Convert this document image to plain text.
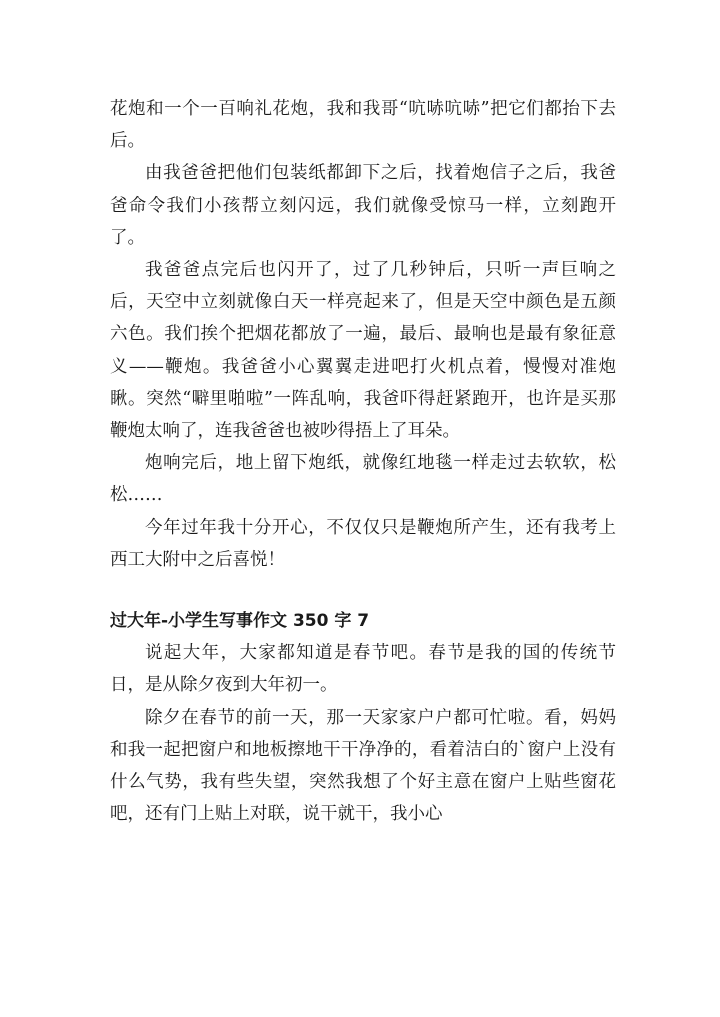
花炮和一个一百响礼花炮，我和我哥“吭哧吭哧”把它们都抬下去后。

由我爸爸把他们包装纸都卸下之后，找着炮信子之后，我爸爸命令我们小孩帮立刻闪远，我们就像受惊马一样，立刻跑开了。

我爸爸点完后也闪开了，过了几秒钟后，只听一声巨响之后，天空中立刻就像白天一样亮起来了，但是天空中颜色是五颜六色。我们挨个把烟花都放了一遍，最后、最响也是最有象征意义——鞭炮。我爸爸小心翼翼走进吧打火机点着，慢慢对准炮瞅。突然“噼里啪啦”一阵乱响，我爸吓得赶紧跑开，也许是买那鞭炮太响了，连我爸爸也被吵得捂上了耳朵。

炮响完后，地上留下炮纸，就像红地毯一样走过去软软，松松……

今年过年我十分开心，不仅仅只是鞭炮所产生，还有我考上西工大附中之后喜悦！

过大年-小学生写事作文 350 字 7

说起大年，大家都知道是春节吧。春节是我的国的传统节日，是从除夕夜到大年初一。

除夕在春节的前一天，那一天家家户户都可忙啦。看，妈妈和我一起把窗户和地板擦地干干净净的，看着洁白的`窗户上没有什么气势，我有些失望，突然我想了个好主意在窗户上贴些窗花吧，还有门上贴上对联，说干就干，我小心
